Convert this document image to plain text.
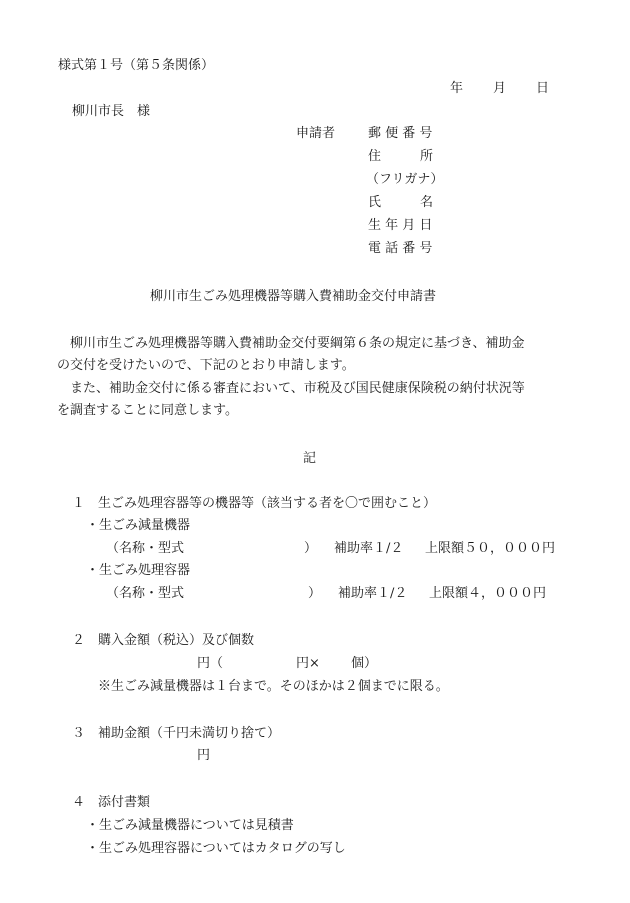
様式第１号（第５条関係）
年 月 日
柳川市長　様
申請者	郵 便 番 号
住　　　所
（フリガナ）
氏　　　名
生 年 月 日
電 話 番 号
柳川市生ごみ処理機器等購入費補助金交付申請書
柳川市生ごみ処理機器等購入費補助金交付要綱第６条の規定に基づき、補助金
の交付を受けたいので、下記のとおり申請します。
また、補助金交付に係る審査において、市税及び国民健康保険税の納付状況等
を調査することに同意します。
記
１　生ごみ処理容器等の機器等（該当する者を〇で囲むこと）
・生ごみ減量機器
（名称・型式	） 補助率１/２ 上限額５０，０００円
・生ごみ処理容器
（名称・型式	） 補助率１/２ 上限額４，０００円
２　購入金額（税込）及び個数
円（	円× 個）
※生ごみ減量機器は１台まで。そのほかは２個までに限る。
３　補助金額（千円未満切り捨て）
円
４　添付書類
・生ごみ減量機器については見積書
・生ごみ処理容器についてはカタログの写し
